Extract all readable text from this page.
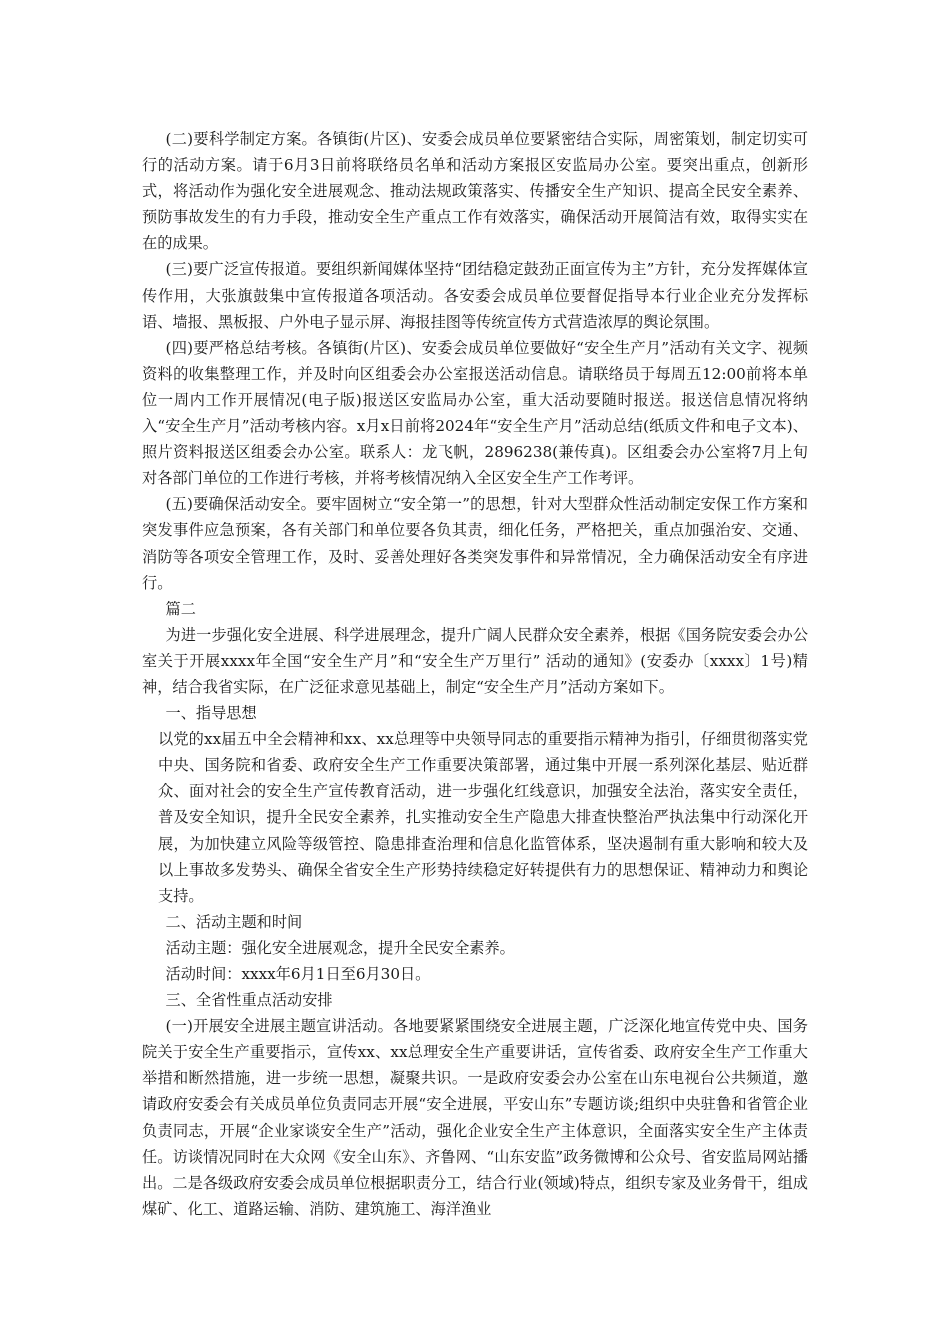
(二)要科学制定方案。各镇街(片区)、安委会成员单位要紧密结合实际，周密策划，制定切实可行的活动方案。请于6月3日前将联络员名单和活动方案报区安监局办公室。要突出重点，创新形式，将活动作为强化安全进展观念、推动法规政策落实、传播安全生产知识、提高全民安全素养、预防事故发生的有力手段，推动安全生产重点工作有效落实，确保活动开展简洁有效，取得实实在在的成果。

(三)要广泛宣传报道。要组织新闻媒体坚持“团结稳定鼓劲正面宣传为主”方针，充分发挥媒体宣传作用，大张旗鼓集中宣传报道各项活动。各安委会成员单位要督促指导本行业企业充分发挥标语、墙报、黑板报、户外电子显示屏、海报挂图等传统宣传方式营造浓厚的舆论氛围。

(四)要严格总结考核。各镇街(片区)、安委会成员单位要做好“安全生产月”活动有关文字、视频资料的收集整理工作，并及时向区组委会办公室报送活动信息。请联络员于每周五12:00前将本单位一周内工作开展情况(电子版)报送区安监局办公室，重大活动要随时报送。报送信息情况将纳入“安全生产月”活动考核内容。x月x日前将2024年“安全生产月”活动总结(纸质文件和电子文本)、照片资料报送区组委会办公室。联系人：龙飞帆，2896238(兼传真)。区组委会办公室将7月上旬对各部门单位的工作进行考核，并将考核情况纳入全区安全生产工作考评。

(五)要确保活动安全。要牢固树立“安全第一”的思想，针对大型群众性活动制定安保工作方案和突发事件应急预案，各有关部门和单位要各负其责，细化任务，严格把关，重点加强治安、交通、消防等各项安全管理工作，及时、妥善处理好各类突发事件和异常情况，全力确保活动安全有序进行。

篇二

为进一步强化安全进展、科学进展理念，提升广阔人民群众安全素养，根据《国务院安委会办公室关于开展xxxx年全国“安全生产月”和“安全生产万里行” 活动的通知》(安委办〔xxxx〕1号)精神，结合我省实际，在广泛征求意见基础上，制定“安全生产月”活动方案如下。

一、指导思想

以党的xx届五中全会精神和xx、xx总理等中央领导同志的重要指示精神为指引，仔细贯彻落实党中央、国务院和省委、政府安全生产工作重要决策部署，通过集中开展一系列深化基层、贴近群众、面对社会的安全生产宣传教育活动，进一步强化红线意识，加强安全法治，落实安全责任，普及安全知识，提升全民安全素养，扎实推动安全生产隐患大排查快整治严执法集中行动深化开展，为加快建立风险等级管控、隐患排查治理和信息化监管体系，坚决遏制有重大影响和较大及以上事故多发势头、确保全省安全生产形势持续稳定好转提供有力的思想保证、精神动力和舆论支持。

二、活动主题和时间

活动主题：强化安全进展观念，提升全民安全素养。

活动时间：xxxx年6月1日至6月30日。

三、全省性重点活动安排

(一)开展安全进展主题宣讲活动。各地要紧紧围绕安全进展主题，广泛深化地宣传党中央、国务院关于安全生产重要指示，宣传xx、xx总理安全生产重要讲话，宣传省委、政府安全生产工作重大举措和断然措施，进一步统一思想，凝聚共识。一是政府安委会办公室在山东电视台公共频道，邀请政府安委会有关成员单位负责同志开展“安全进展，平安山东”专题访谈;组织中央驻鲁和省管企业负责同志，开展“企业家谈安全生产”活动，强化企业安全生产主体意识，全面落实安全生产主体责任。访谈情况同时在大众网《安全山东》、齐鲁网、“山东安监”政务微博和公众号、省安监局网站播出。二是各级政府安委会成员单位根据职责分工，结合行业(领域)特点，组织专家及业务骨干，组成煤矿、化工、道路运输、消防、建筑施工、海洋渔业
